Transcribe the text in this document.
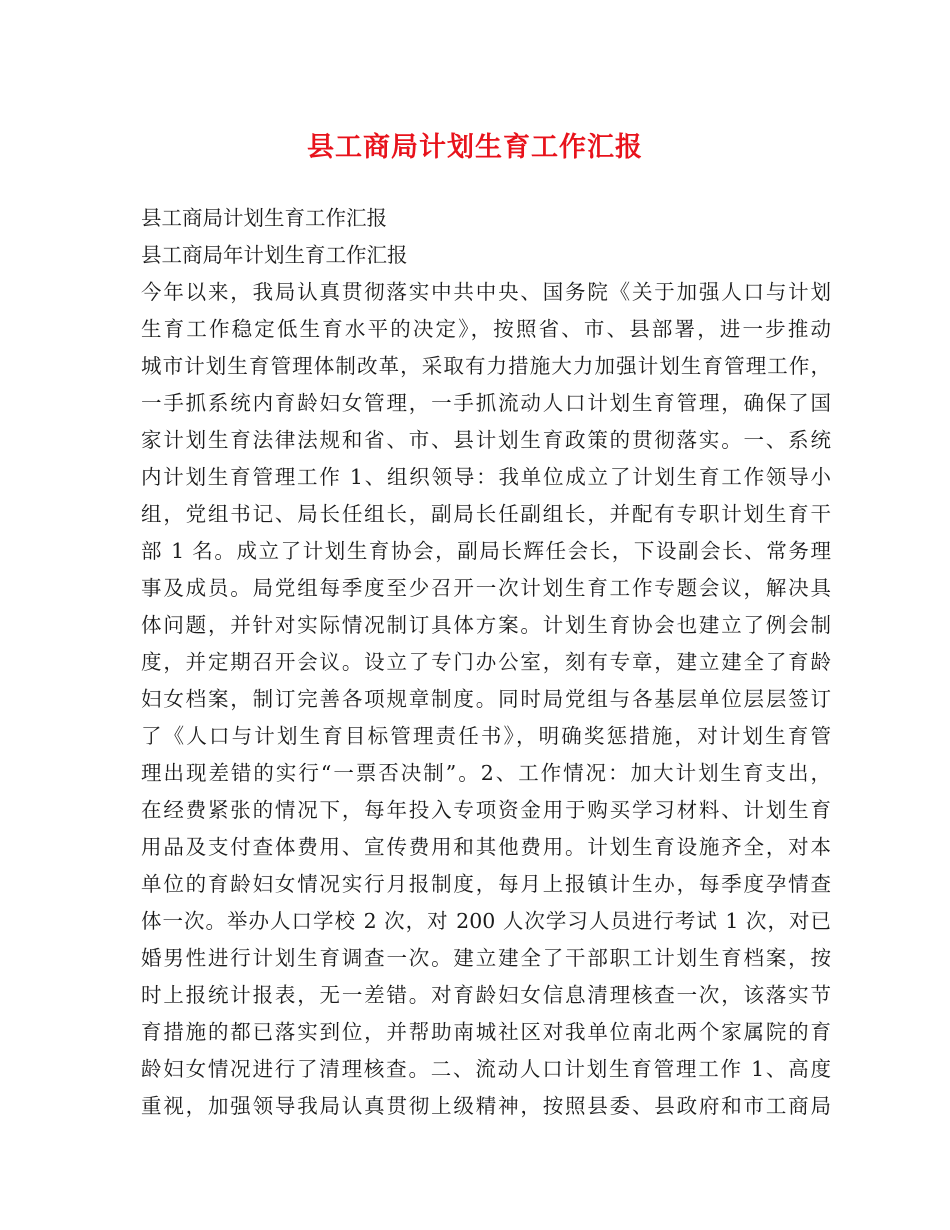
县工商局计划生育工作汇报
县工商局计划生育工作汇报
县工商局年计划生育工作汇报
今年以来，我局认真贯彻落实中共中央、国务院《关于加强人口与计划
生育工作稳定低生育水平的决定》，按照省、市、县部署，进一步推动
城市计划生育管理体制改革，采取有力措施大力加强计划生育管理工作，
一手抓系统内育龄妇女管理，一手抓流动人口计划生育管理，确保了国
家计划生育法律法规和省、市、县计划生育政策的贯彻落实。一、系统
内计划生育管理工作 1、组织领导：我单位成立了计划生育工作领导小
组，党组书记、局长任组长，副局长任副组长，并配有专职计划生育干
部 1 名。成立了计划生育协会，副局长辉任会长，下设副会长、常务理
事及成员。局党组每季度至少召开一次计划生育工作专题会议，解决具
体问题，并针对实际情况制订具体方案。计划生育协会也建立了例会制
度，并定期召开会议。设立了专门办公室，刻有专章，建立建全了育龄
妇女档案，制订完善各项规章制度。同时局党组与各基层单位层层签订
了《人口与计划生育目标管理责任书》，明确奖惩措施，对计划生育管
理出现差错的实行“一票否决制”。2、工作情况：加大计划生育支出，
在经费紧张的情况下，每年投入专项资金用于购买学习材料、计划生育
用品及支付查体费用、宣传费用和其他费用。计划生育设施齐全，对本
单位的育龄妇女情况实行月报制度，每月上报镇计生办，每季度孕情查
体一次。举办人口学校 2 次，对 200 人次学习人员进行考试 1 次，对已
婚男性进行计划生育调查一次。建立建全了干部职工计划生育档案，按
时上报统计报表，无一差错。对育龄妇女信息清理核查一次，该落实节
育措施的都已落实到位，并帮助南城社区对我单位南北两个家属院的育
龄妇女情况进行了清理核查。二、流动人口计划生育管理工作 1、高度
重视，加强领导我局认真贯彻上级精神，按照县委、县政府和市工商局
